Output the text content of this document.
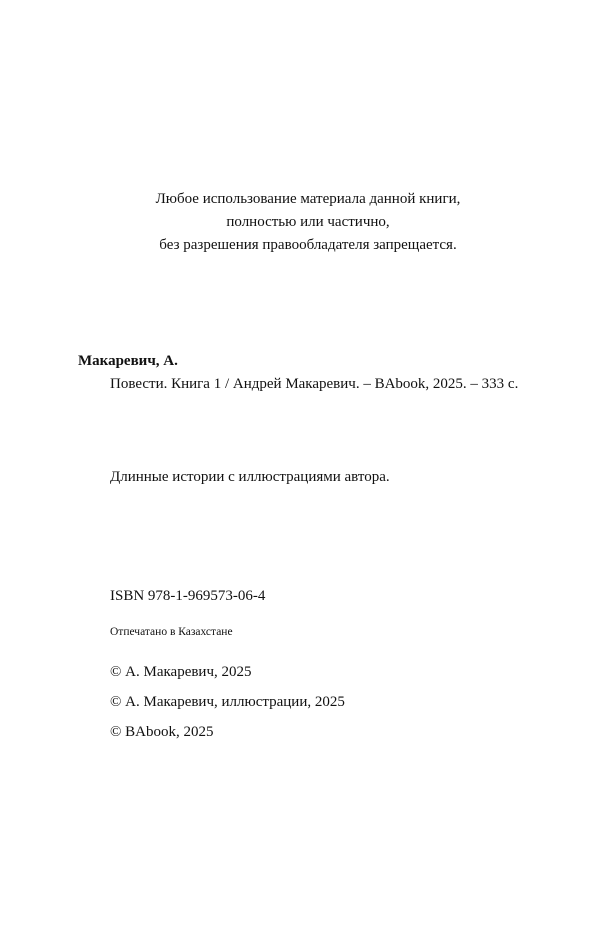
Любое использование материала данной книги,
полностью или частично,
без разрешения правообладателя запрещается.
Макаревич, А.
Повести. Книга 1 / Андрей Макаревич. – BAbook, 2025. – 333 с.
Длинные истории с иллюстрациями автора.
ISBN 978-1-969573-06-4
Отпечатано в Казахстане
© А. Макаревич, 2025
© А. Макаревич, иллюстрации, 2025
© BAbook, 2025
